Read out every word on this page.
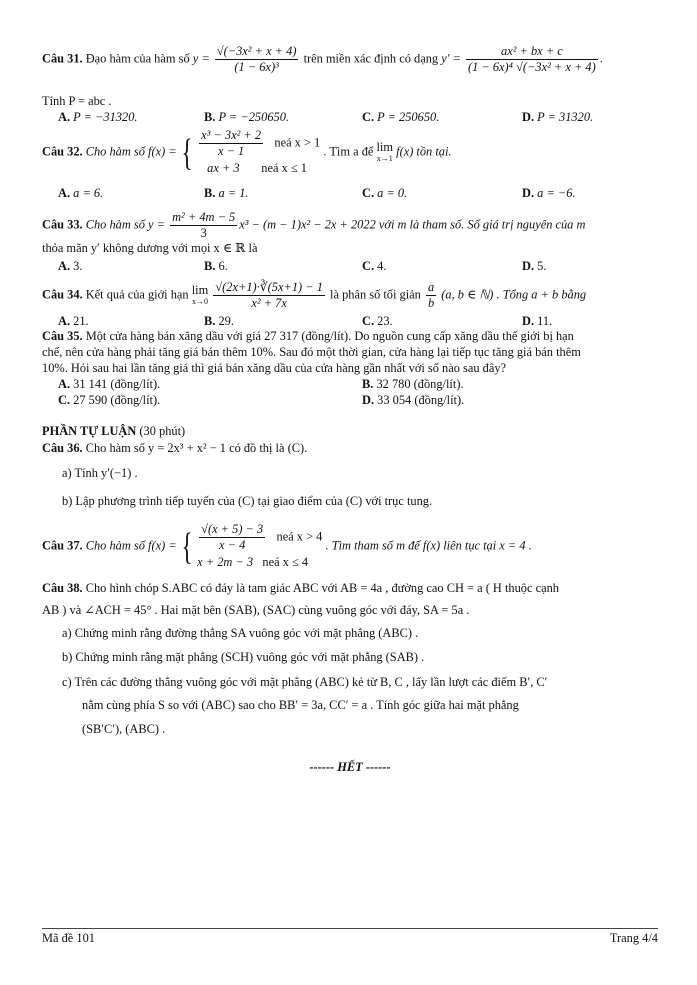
Câu 31. Đạo hàm của hàm số $y = \frac{\text{√(−3x² + x + 4)}}{\text{(1 − 6x)³}}$ trên miền xác định có dạng $y' = \frac{\text{ax² + bx + c}}{\text{(1 − 6x)⁴ √(−3x² + x + 4)}}$ .
Tính P = abc .
A. P = −31320.	B. P = −250650.	C. P = 250650.	D. P = 31320.
Câu 32. Cho hàm số f(x) = { $\frac{\text{x³ − 3x² + 2}}{x - 1}$ neá x > 1
ax + 3 neá x ≤ 1
. Tìm a để lim
x→1 f(x) tồn tại.
A. a = 6.	B. a = 1.	C. a = 0.	D. a = −6.
Câu 33. Cho hàm số $y = \frac{\text{m² + 4m − 5}}{3} x^3 - (m - 1)x^2 - 2x + 2022$ với m là tham số. Số giá trị nguyên của m
thỏa mãn y′ không dương với mọi x ∈ ℝ là
A. 3.	B. 6.	C. 4.	D. 5.
Câu 34. Kết quả của giới hạn lim
x→0
$\frac{√(2x+1)\cdot∛(5x+1) - 1}{\text{x² + 7x}}$ là phân số tối giản $\frac{a}{b} (a$, b ∈ ℕ) . Tổng a + b bằng
A. 21.	B. 29.	C. 23.	D. 11.
Câu 35. Một cửa hàng bán xăng dầu với giá 27 317 (đồng/lít). Do nguồn cung cấp xăng dầu thế giới bị hạn
chế, nên cửa hàng phải tăng giá bán thêm 10%. Sau đó một thời gian, cửa hàng lại tiếp tục tăng giá bán thêm
10%. Hỏi sau hai lần tăng giá thì giá bán xăng dầu của cửa hàng gần nhất với số nào sau đây?
A. 31 141 (đồng/lít).	B. 32 780 (đồng/lít).
C. 27 590 (đồng/lít).	D. 33 054 (đồng/lít).
PHẦN TỰ LUẬN (30 phút)
Câu 36. Cho hàm số y = 2x³ + x² − 1 có đồ thị là (C).
a) Tính y′(−1) .
b) Lập phương trình tiếp tuyến của (C) tại giao điểm của (C) với trục tung.
Câu 37. Cho hàm số f(x) = { $\frac{√(x + 5) - 3}{x - 4}$ neá x > 4
x + 2m − 3 neá x ≤ 4
. Tìm tham số m để f(x) liên tục tại x = 4 .
Câu 38. Cho hình chóp S.ABC có đáy là tam giác ABC với AB = 4a , đường cao CH = a ( H thuộc cạnh
AB ) và ∠ACH = 45° . Hai mặt bên (SAB), (SAC) cùng vuông góc với đáy, SA = 5a .
a) Chứng minh rằng đường thẳng SA vuông góc với mặt phẳng (ABC) .
b) Chứng minh rằng mặt phẳng (SCH) vuông góc với mặt phẳng (SAB) .
c) Trên các đường thẳng vuông góc với mặt phẳng (ABC) kẻ từ B, C , lấy lần lượt các điểm B′, C′
nằm cùng phía S so với (ABC) sao cho BB′ = 3a, CC′ = a . Tính góc giữa hai mặt phẳng
(SB′C′), (ABC) .
------ HẾT ------
Mã đề 101	Trang 4/4
